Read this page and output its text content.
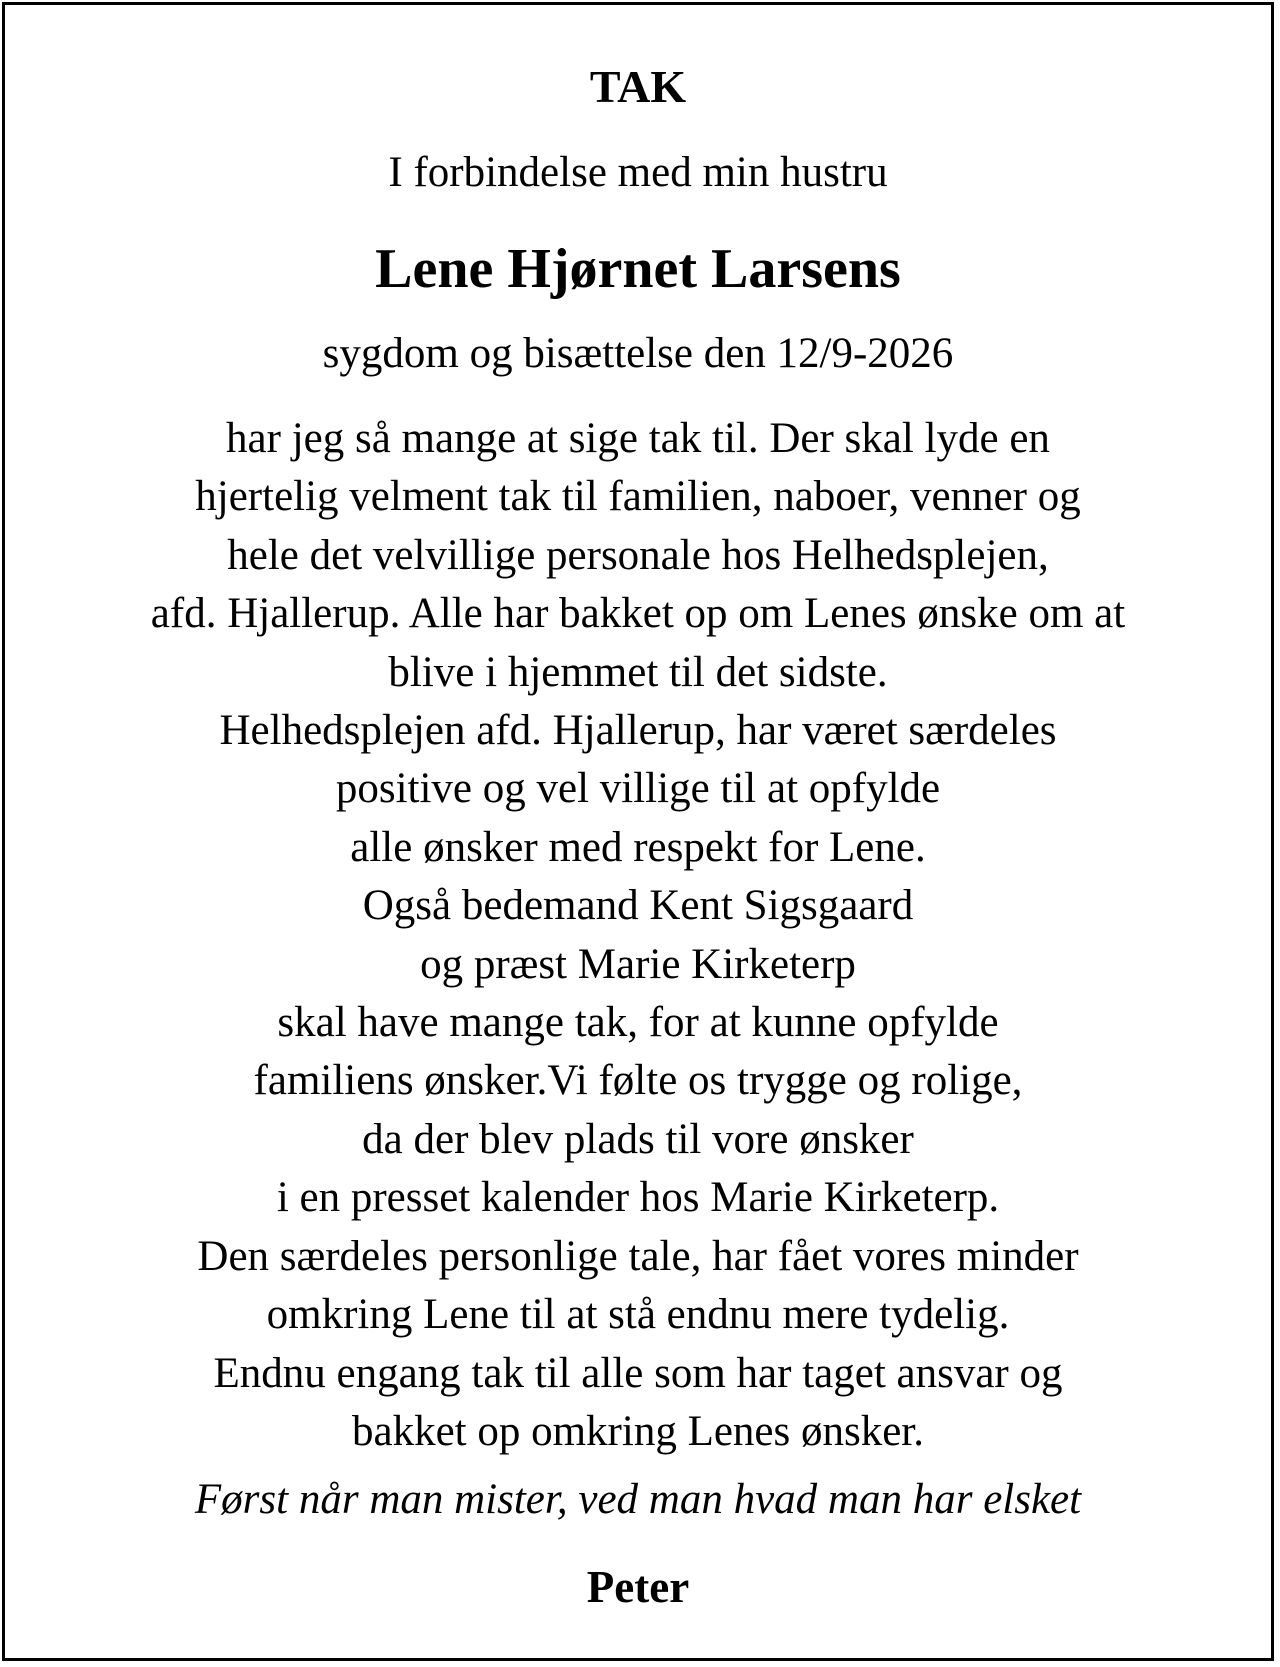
TAK
I forbindelse med min hustru
Lene Hjørnet Larsens
sygdom og bisættelse den 12/9-2026
har jeg så mange at sige tak til. Der skal lyde en
hjertelig velment tak til familien, naboer, venner og
hele det velvillige personale hos Helhedsplejen,
afd. Hjallerup. Alle har bakket op om Lenes ønske om at
blive i hjemmet til det sidste.
Helhedsplejen afd. Hjallerup, har været særdeles
positive og vel villige til at opfylde
alle ønsker med respekt for Lene.
Også bedemand Kent Sigsgaard
og præst Marie Kirketerp
skal have mange tak, for at kunne opfylde
familiens ønsker.Vi følte os trygge og rolige,
da der blev plads til vore ønsker
i en presset kalender hos Marie Kirketerp.
Den særdeles personlige tale, har fået vores minder
omkring Lene til at stå endnu mere tydelig.
Endnu engang tak til alle som har taget ansvar og
bakket op omkring Lenes ønsker.
Først når man mister, ved man hvad man har elsket
Peter
